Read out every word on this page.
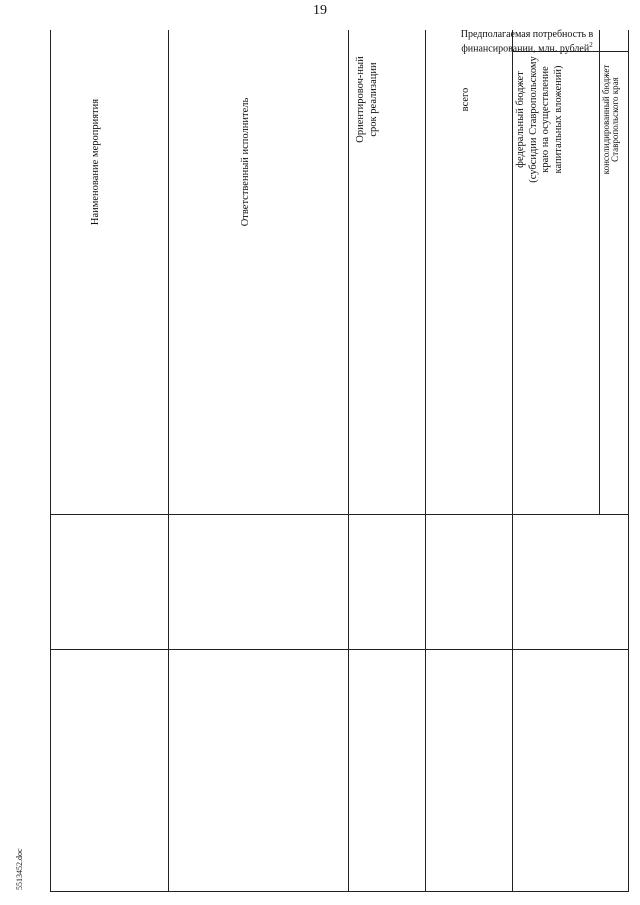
19
Наименование мероприятия	Ответственный исполнитель	Ориентировоч-ный срок реализации	всего	федеральный бюджет (субсидии Ставропольскому краю на осуществление капитальных вложений)	консолидированный бюджет Ставропольского края
Предполагаемая потребность в финансировании, млн. рублей$^2$
5513452.doc
